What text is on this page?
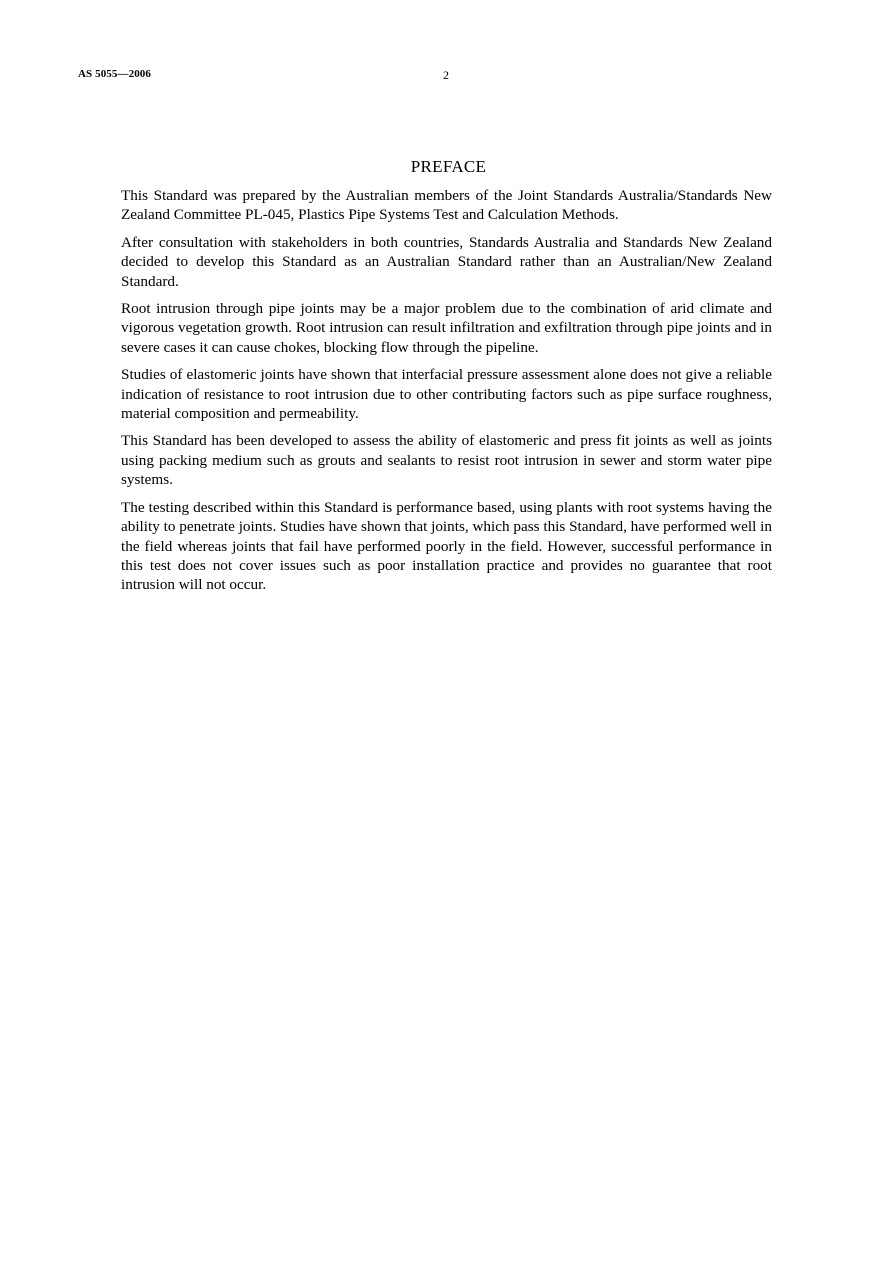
AS 5055—2006	2
PREFACE

This Standard was prepared by the Australian members of the Joint Standards Australia/Standards New Zealand Committee PL-045, Plastics Pipe Systems Test and Calculation Methods.

After consultation with stakeholders in both countries, Standards Australia and Standards New Zealand decided to develop this Standard as an Australian Standard rather than an Australian/New Zealand Standard.

Root intrusion through pipe joints may be a major problem due to the combination of arid climate and vigorous vegetation growth. Root intrusion can result infiltration and exfiltration through pipe joints and in severe cases it can cause chokes, blocking flow through the pipeline.

Studies of elastomeric joints have shown that interfacial pressure assessment alone does not give a reliable indication of resistance to root intrusion due to other contributing factors such as pipe surface roughness, material composition and permeability.

This Standard has been developed to assess the ability of elastomeric and press fit joints as well as joints using packing medium such as grouts and sealants to resist root intrusion in sewer and storm water pipe systems.

The testing described within this Standard is performance based, using plants with root systems having the ability to penetrate joints. Studies have shown that joints, which pass this Standard, have performed well in the field whereas joints that fail have performed poorly in the field. However, successful performance in this test does not cover issues such as poor installation practice and provides no guarantee that root intrusion will not occur.
